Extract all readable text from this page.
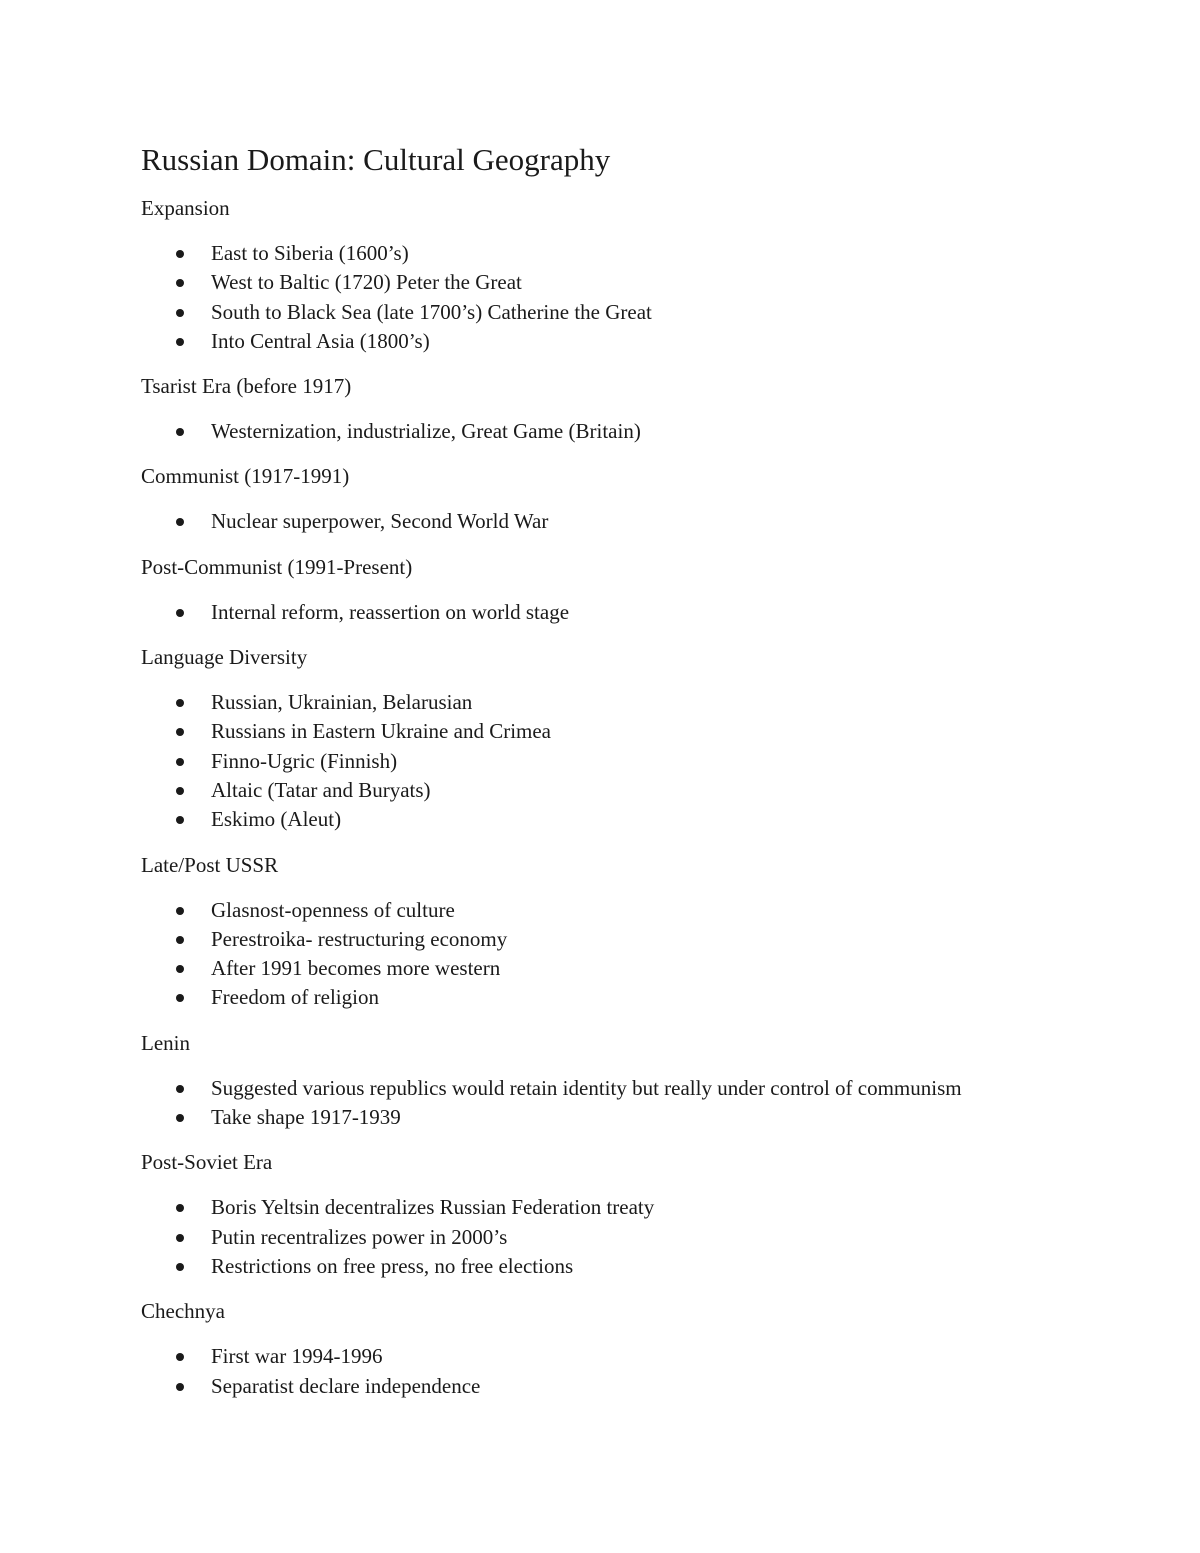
Russian Domain: Cultural Geography

Expansion

East to Siberia (1600’s)
West to Baltic (1720) Peter the Great
South to Black Sea (late 1700’s) Catherine the Great
Into Central Asia (1800’s)

Tsarist Era (before 1917)

Westernization, industrialize, Great Game (Britain)

Communist (1917-1991)

Nuclear superpower, Second World War

Post-Communist (1991-Present)

Internal reform, reassertion on world stage

Language Diversity

Russian, Ukrainian, Belarusian
Russians in Eastern Ukraine and Crimea
Finno-Ugric (Finnish)
Altaic (Tatar and Buryats)
Eskimo (Aleut)

Late/Post USSR

Glasnost-openness of culture
Perestroika- restructuring economy
After 1991 becomes more western
Freedom of religion

Lenin

Suggested various republics would retain identity but really under control of communism
Take shape 1917-1939

Post-Soviet Era

Boris Yeltsin decentralizes Russian Federation treaty
Putin recentralizes power in 2000’s
Restrictions on free press, no free elections

Chechnya

First war 1994-1996
Separatist declare independence
